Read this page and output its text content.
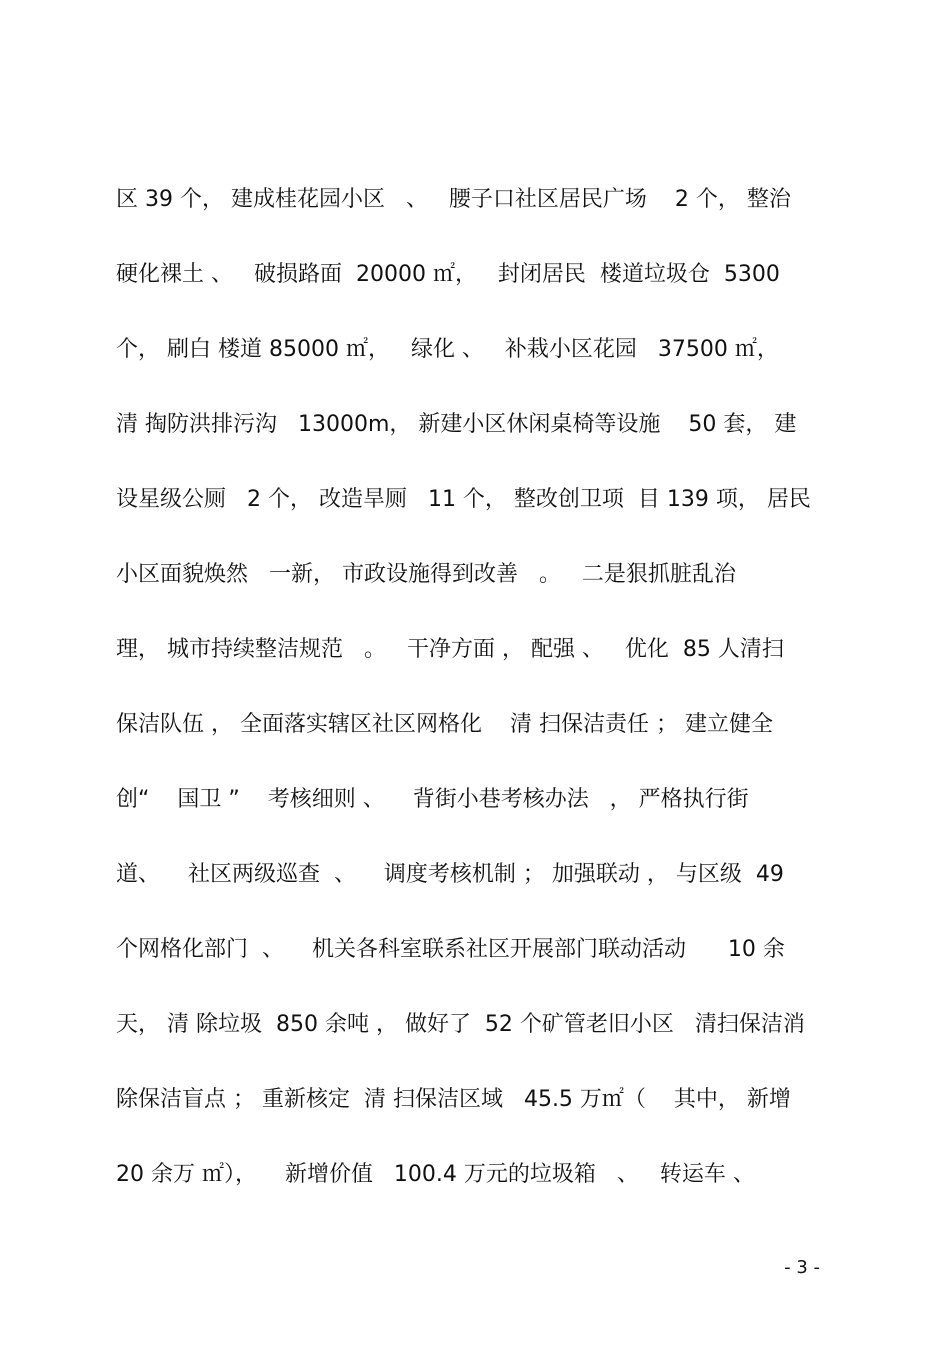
区 39 个， 建成桂花园小区   、   腰子口社区居民广场    2 个， 整治
硬化裸土 、   破损路面  20000 ㎡，   封闭居民  楼道垃圾仓  5300
个， 刷白 楼道 85000 ㎡，   绿化 、   补栽小区花园   37500 ㎡，
清 掏防洪排污沟   13000m， 新建小区休闲桌椅等设施    50 套， 建
设星级公厕   2 个， 改造旱厕   11 个， 整改创卫项  目 139 项， 居民
小区面貌焕然   一新， 市政设施得到改善   。   二是狠抓脏乱治
理， 城市持续整洁规范   。   干净方面 ， 配强 、   优化  85 人清扫
保洁队伍 ， 全面落实辖区社区网格化    清 扫保洁责任 ； 建立健全
创“    国卫 ”    考核细则 、    背街小巷考核办法   ， 严格执行街
道、    社区两级巡查  、    调度考核机制 ； 加强联动 ， 与区级  49
个网格化部门  、    机关各科室联系社区开展部门联动活动      10 余
天， 清 除垃圾  850 余吨 ， 做好了  52 个矿管老旧小区   清扫保洁消
除保洁盲点 ； 重新核定  清 扫保洁区域   45.5 万㎡（    其中， 新增
20 余万 ㎡），    新增价值   100.4 万元的垃圾箱   、   转运车 、
- 3 -
